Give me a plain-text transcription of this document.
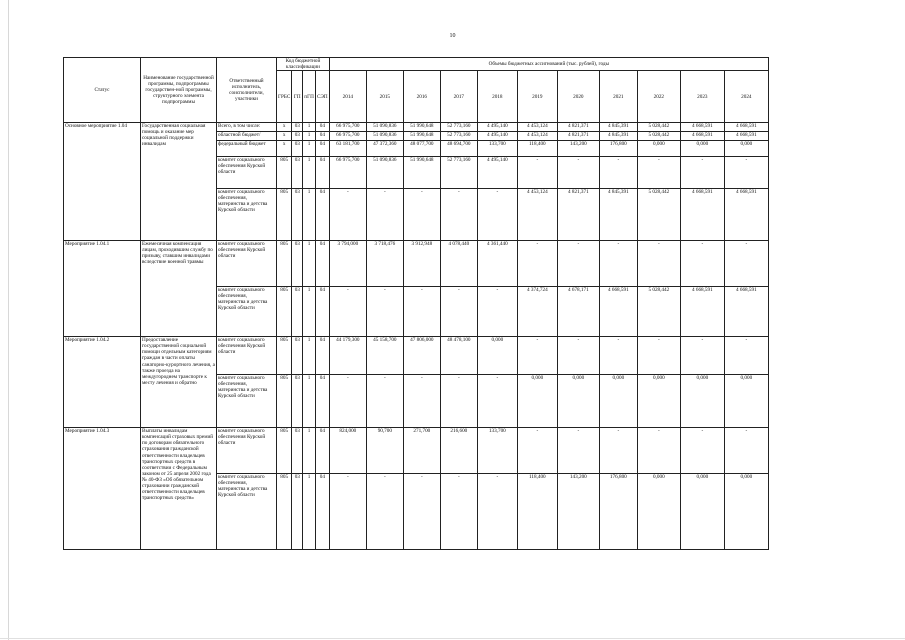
10
Статус	Наименование государственной программы, подпрограммы государствен-ной программы, структурного элемента подпрограммы	Ответственный исполнитель, соисполнители, участники	Код бюджетной классификации				Объемы бюджетных ассигнований (тыс. рублей), годы										
			ГРБС	ГП	пГП	СЭП	2014	2015	2016	2017	2018	2019	2020	2021	2022	2023	2024
Основное мероприятие 1.04	Государственная социальная помощь и оказание мер социальной поддержки инвалидам	Всего, в том числе:	х	03	1	04	66 975,700	51 090,836	51 990,648	52 773,160	4 495,140	4 453,124	4 821,371	4 845,391	5 028,442	4 668,591	4 668,591
		областной бюджет/	х	03	1	04	66 975,700	51 090,836	51 990,648	52 773,160	4 495,140	4 453,124	4 821,371	4 845,391	5 028,442	4 668,591	4 668,591
		федеральный бюджет	х	03	1	04	63 181,700	47 372,360	48 077,700	48 694,700	133,700	118,400	143,200	176,800	0,000	0,000	0,000
		комитет социального обеспечения Курской области	805	03	1	04	66 975,700	51 090,836	51 990,648	52 773,160	4 495,140	-	-	-	-	-	-
		комитет социального обеспечения, материнства и детства Курской области	805	03	1	04	-	-	-	-	-	4 453,124	4 821,371	4 845,391	5 028,442	4 668,591	4 668,591
Мероприятие 1.04.1	Ежемесячная компенсация лицам, проходившим службу по призыву, ставшим инвалидами вследствие военной травмы	комитет социального обеспечения Курской области	805	03	1	04	3 794,000	3 718,476	3 912,948	4 078,440	4 361,440	-	-	-	-	-	-
		комитет социального обеспечения, материнства и детства Курской области	805	03	1	04	-	-	-	-	-	4 374,724	4 678,171	4 668,591	5 028,442	4 668,591	4 668,591
Мероприятие 1.04.2	Предоставление государственной социальной помощи отдельным категориям граждан в части оплаты санаторно-курортного лечения, а также проезда на междугороднем транспорте к месту лечения и обратно	комитет социального обеспечения Курской области	805	03	1	04	44 179,300	45 158,700	47 806,000	48 478,100	0,000	-	-	-	-	-	-
		комитет социального обеспечения, материнства и детства Курской области	805	03	1	04	-	-	-	-	-	0,000	0,000	0,000	0,000	0,000	0,000
Мероприятие 1.04.3	Выплаты инвалидам компенсаций страховых премий по договорам обязательного страхования гражданской ответственности владельцев транспортных средств в соответствии с Федеральным законом от 25 апреля 2002 года № 40-ФЗ «Об обязательном страховании гражданской ответственности владельцев транспортных средств»	комитет социального обеспечения Курской области	805	03	1	04	824,000	90,700	271,700	216,600	133,700	-	-	-	-	-	-
		комитет социального обеспечения, материнства и детства Курской области	805	03	1	04	-	-	-	-	-	118,400	143,200	176,800	0,000	0,000	0,000
